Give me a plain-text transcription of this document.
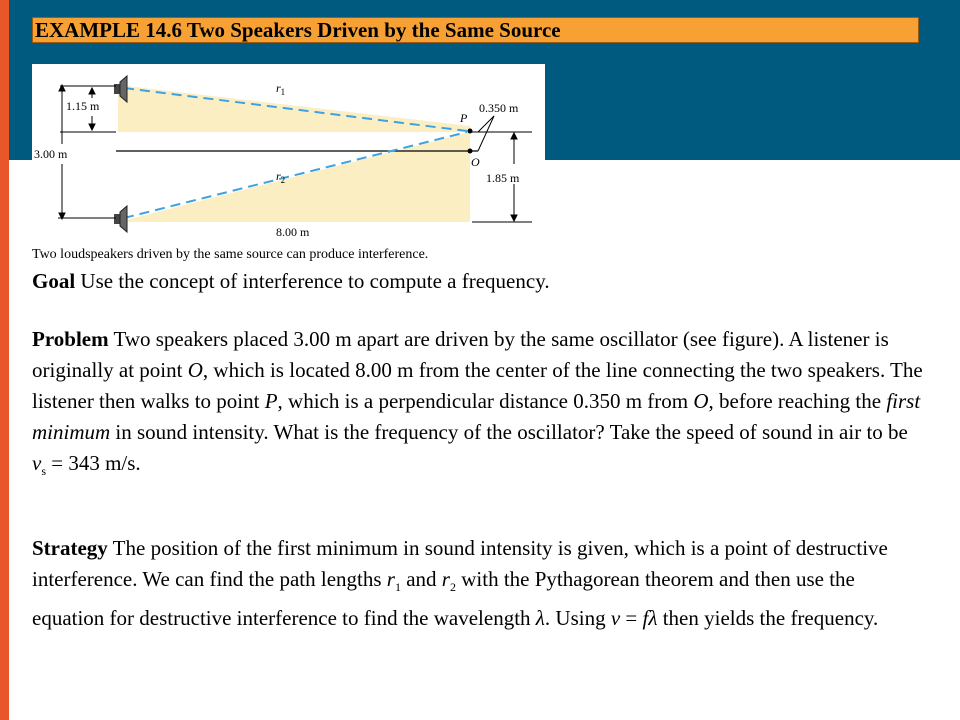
EXAMPLE 14.6 Two Speakers Driven by the Same Source
$r_1$
$r_2$
1.15 m
3.00 m
0.350 m
1.85 m
8.00 m
P
O
Two loudspeakers driven by the same source can produce interference.

Goal Use the concept of interference to compute a frequency.

Problem Two speakers placed 3.00 m apart are driven by the same oscillator (see figure). A listener is originally at point O, which is located 8.00 m from the center of the line connecting the two speakers. The listener then walks to point P, which is a perpendicular distance 0.350 m from O, before reaching the first minimum in sound intensity. What is the frequency of the oscillator? Take the speed of sound in air to be $v_s = 343$ m/s.

Strategy The position of the first minimum in sound intensity is given, which is a point of destructive interference. We can find the path lengths $r_1$ and $r_2$ with the Pythagorean theorem and then use the equation for destructive interference to find the wavelength λ. Using v = fλ then yields the frequency.
